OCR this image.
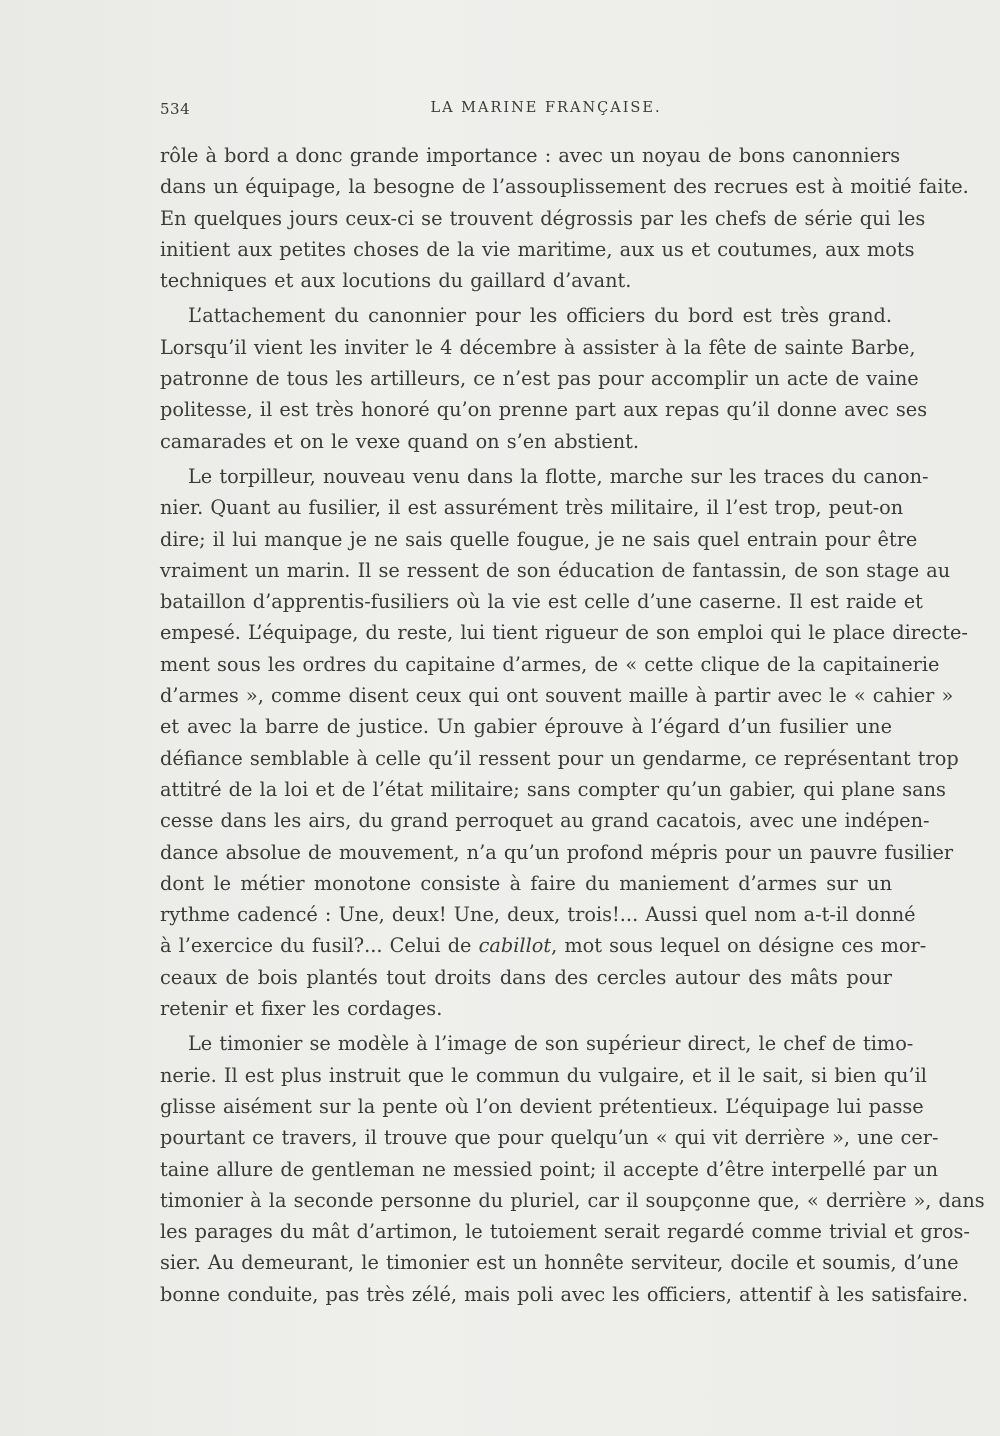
534	LA MARINE FRANÇAISE.

rôle à bord a donc grande importance : avec un noyau de bons canonniers
dans un équipage, la besogne de l’assouplissement des recrues est à moitié faite.
En quelques jours ceux-ci se trouvent dégrossis par les chefs de série qui les
initient aux petites choses de la vie maritime, aux us et coutumes, aux mots
techniques et aux locutions du gaillard d’avant.

L’attachement du canonnier pour les officiers du bord est très grand.
Lorsqu’il vient les inviter le 4 décembre à assister à la fête de sainte Barbe,
patronne de tous les artilleurs, ce n’est pas pour accomplir un acte de vaine
politesse, il est très honoré qu’on prenne part aux repas qu’il donne avec ses
camarades et on le vexe quand on s’en abstient.

Le torpilleur, nouveau venu dans la flotte, marche sur les traces du canon-
nier. Quant au fusilier, il est assurément très militaire, il l’est trop, peut-on
dire; il lui manque je ne sais quelle fougue, je ne sais quel entrain pour être
vraiment un marin. Il se ressent de son éducation de fantassin, de son stage au
bataillon d’apprentis-fusiliers où la vie est celle d’une caserne. Il est raide et
empesé. L’équipage, du reste, lui tient rigueur de son emploi qui le place directe-
ment sous les ordres du capitaine d’armes, de « cette clique de la capitainerie
d’armes », comme disent ceux qui ont souvent maille à partir avec le « cahier »
et avec la barre de justice. Un gabier éprouve à l’égard d’un fusilier une
défiance semblable à celle qu’il ressent pour un gendarme, ce représentant trop
attitré de la loi et de l’état militaire; sans compter qu’un gabier, qui plane sans
cesse dans les airs, du grand perroquet au grand cacatois, avec une indépen-
dance absolue de mouvement, n’a qu’un profond mépris pour un pauvre fusilier
dont le métier monotone consiste à faire du maniement d’armes sur un
rythme cadencé : Une, deux! Une, deux, trois!... Aussi quel nom a-t-il donné
à l’exercice du fusil?... Celui de cabillot, mot sous lequel on désigne ces mor-
ceaux de bois plantés tout droits dans des cercles autour des mâts pour
retenir et fixer les cordages.

Le timonier se modèle à l’image de son supérieur direct, le chef de timo-
nerie. Il est plus instruit que le commun du vulgaire, et il le sait, si bien qu’il
glisse aisément sur la pente où l’on devient prétentieux. L’équipage lui passe
pourtant ce travers, il trouve que pour quelqu’un « qui vit derrière », une cer-
taine allure de gentleman ne messied point; il accepte d’être interpellé par un
timonier à la seconde personne du pluriel, car il soupçonne que, « derrière », dans
les parages du mât d’artimon, le tutoiement serait regardé comme trivial et gros-
sier. Au demeurant, le timonier est un honnête serviteur, docile et soumis, d’une
bonne conduite, pas très zélé, mais poli avec les officiers, attentif à les satisfaire.
